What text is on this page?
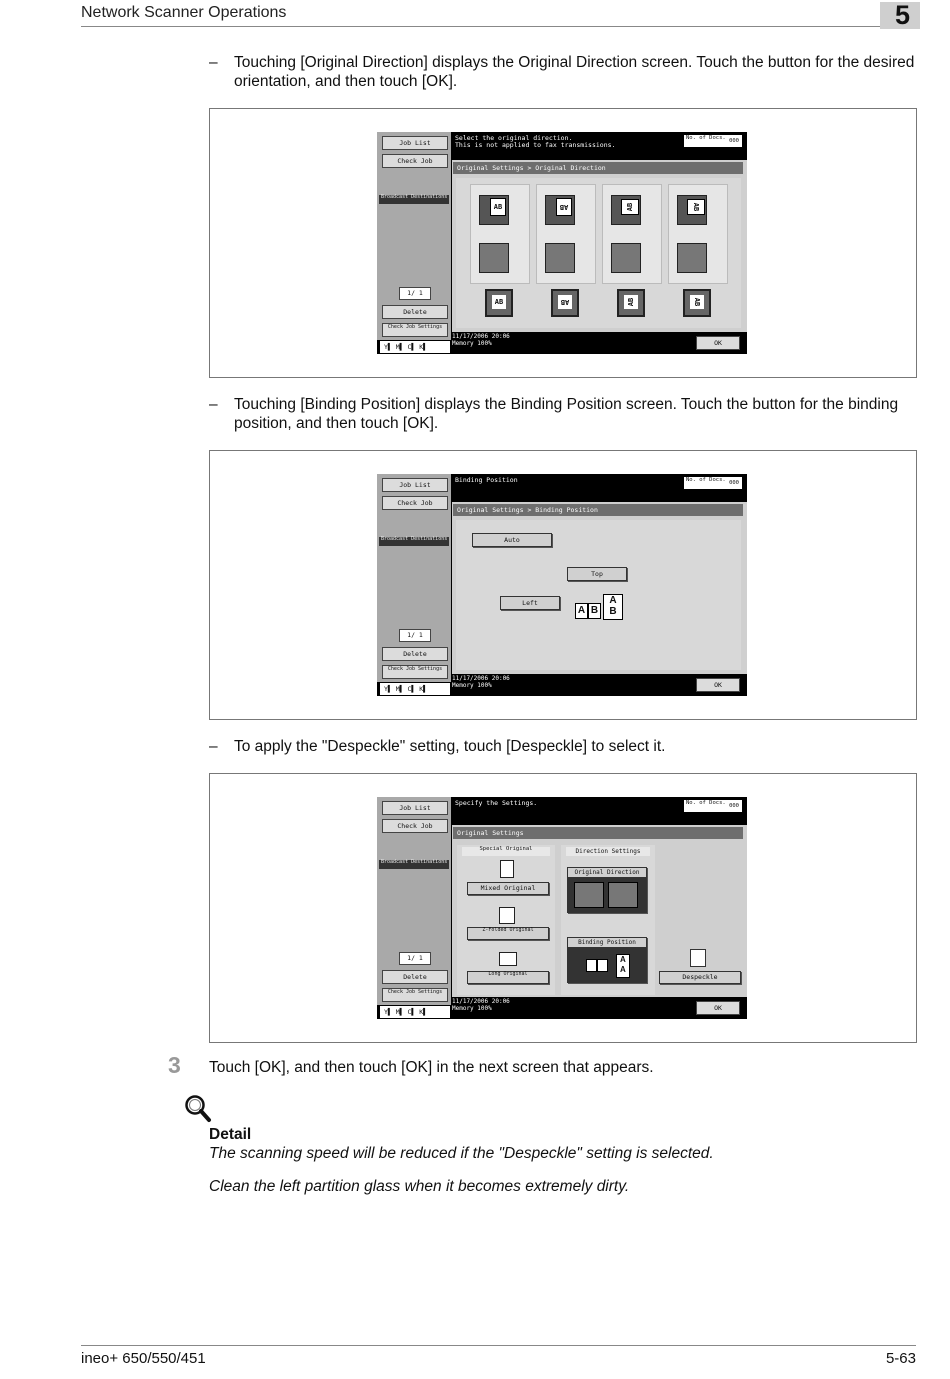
Network Scanner Operations	5
– Touching [Original Direction] displays the Original Direction screen. Touch the button for the desired orientation, and then touch [OK].
Job List
Check Job
Broadcast Destinations
1/ 1
Delete
Check Job Settings
Y▌ M▌ C▌ K▌
Select the original direction.
This is not applied to fax transmissions.
No. of Docs. 000
Original Settings > Original Direction
AB	AB	AB	AB
AB	AB	AB	AB
11/17/2006 20:06
Memory 100%	OK
– Touching [Binding Position] displays the Binding Position screen. Touch the button for the binding position, and then touch [OK].
Job List
Check Job
Broadcast Destinations
1/ 1
Delete
Check Job Settings
Y▌ M▌ C▌ K▌
Binding Position	No. of Docs. 000
Original Settings > Binding Position
Auto
Top
Left
A B
A
B
11/17/2006 20:06
Memory 100%	OK
– To apply the "Despeckle" setting, touch [Despeckle] to select it.
Job List
Check Job
Broadcast Destinations
1/ 1
Delete
Check Job Settings
Y▌ M▌ C▌ K▌
Specify the Settings.	No. of Docs. 000
Original Settings
Special Original
Mixed Original
Z-Folded Original
Long Original
Direction Settings
Original Direction
Binding Position
A A
A
A
Despeckle
11/17/2006 20:06
Memory 100%	OK
3 Touch [OK], and then touch [OK] in the next screen that appears.
Detail
The scanning speed will be reduced if the "Despeckle" setting is selected.
Clean the left partition glass when it becomes extremely dirty.
ineo+ 650/550/451	5-63
